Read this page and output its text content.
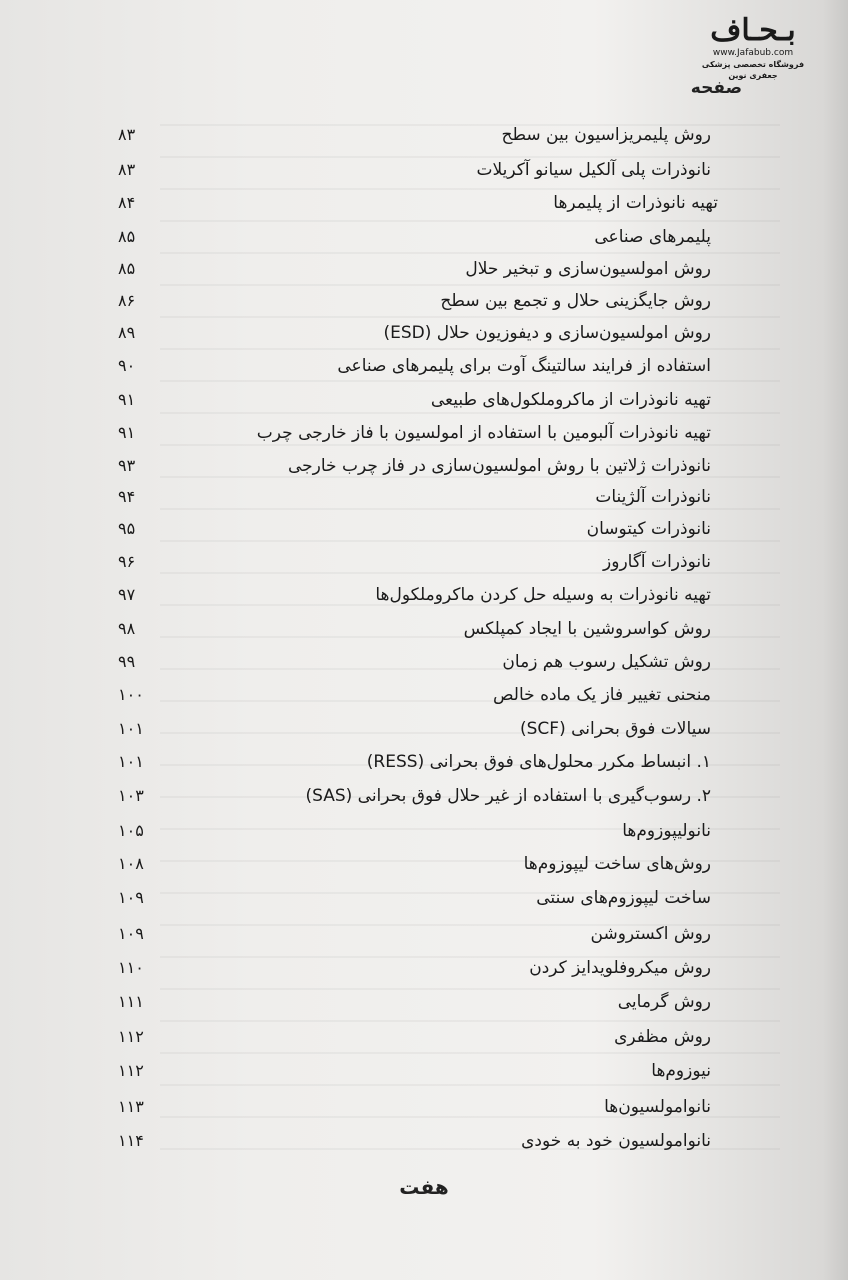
بـحـاف
www.Jafabub.com
فروشگاه تخصصی پزشکی جعفری نوین
صفحه
روش پلیمریزاسیون بین سطح
۸۳
نانوذرات پلی آلکیل سیانو آکریلات
۸۳
تهیه نانوذرات از پلیمرها
۸۴
پلیمرهای صناعی
۸۵
روش امولسیون‌سازی و تبخیر حلال
۸۵
روش جایگزینی حلال و تجمع بین سطح
۸۶
روش امولسیون‌سازی و دیفوزیون حلال (ESD)
۸۹
استفاده از فرایند سالتینگ آوت برای پلیمرهای صناعی
۹۰
تهیه نانوذرات از ماکروملکول‌های طبیعی
۹۱
تهیه نانوذرات آلبومین با استفاده از امولسیون با فاز خارجی چرب
۹۱
نانوذرات ژلاتین با روش امولسیون‌سازی در فاز چرب خارجی
۹۳
نانوذرات آلژینات
۹۴
نانوذرات کیتوسان
۹۵
نانوذرات آگاروز
۹۶
تهیه نانوذرات به وسیله حل کردن ماکروملکول‌ها
۹۷
روش کواسروشین با ایجاد کمپلکس
۹۸
روش تشکیل رسوب هم زمان
۹۹
منحنی تغییر فاز یک ماده خالص
۱۰۰
سیالات فوق بحرانی (SCF)
۱۰۱
۱. انبساط مکرر محلول‌های فوق بحرانی (RESS)
۱۰۱
۲. رسوب‌گیری با استفاده از غیر حلال فوق بحرانی (SAS)
۱۰۳
نانولیپوزوم‌ها
۱۰۵
روش‌های ساخت لیپوزوم‌ها
۱۰۸
ساخت لیپوزوم‌های سنتی
۱۰۹
روش اکستروشن
۱۰۹
روش میکروفلویدایز کردن
۱۱۰
روش گرمایی
۱۱۱
روش مظفری
۱۱۲
نیوزوم‌ها
۱۱۲
نانوامولسیون‌ها
۱۱۳
نانوامولسیون خود به خودی
۱۱۴
هفت
